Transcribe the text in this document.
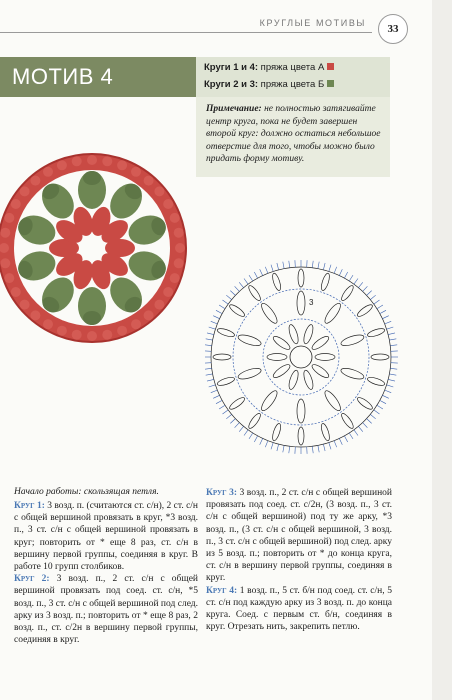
КРУГЛЫЕ МОТИВЫ	33
МОТИВ 4	Круги 1 и 4: пряжа цвета А
Круги 2 и 3: пряжа цвета Б
Примечание: не полностью затягивайте центр круга, пока не будет завершен второй круг: должно остаться небольшое отверстие для того, чтобы можно было придать форму мотиву.
3
Начало работы: скользящая петля.

Круг 1: 3 возд. п. (считаются ст. с/н), 2 ст. с/н с общей вершиной провязать в круг, *3 возд. п., 3 ст. с/н с общей вершиной провязать в круг; повторить от * еще 8 раз, ст. с/н в вершину первой группы, соединяя в круг. В работе 10 групп столбиков.

Круг 2: 3 возд. п., 2 ст. с/н с общей вершиной провязать под соед. ст. с/н, *5 возд. п., 3 ст. с/н с общей вершиной под след. арку из 3 возд. п.; повторить от * еще 8 раз, 2 возд. п., ст. с/2н в вершину первой группы, соединяя в круг.

Круг 3: 3 возд. п., 2 ст. с/н с общей вершиной провязать под соед. ст. с/2н, (3 возд. п., 3 ст. с/н с общей вершиной) под ту же арку, *3 возд. п., (3 ст. с/н с общей вершиной, 3 возд. п., 3 ст. с/н с общей вершиной) под след. арку из 5 возд. п.; повторить от * до конца круга, ст. с/н в вершину первой группы, соединяя в круг.

Круг 4: 1 возд. п., 5 ст. б/н под соед. ст. с/н, 5 ст. с/н под каждую арку из 3 возд. п. до конца круга. Соед. с первым ст. б/н, соединяя в круг. Отрезать нить, закрепить петлю.
